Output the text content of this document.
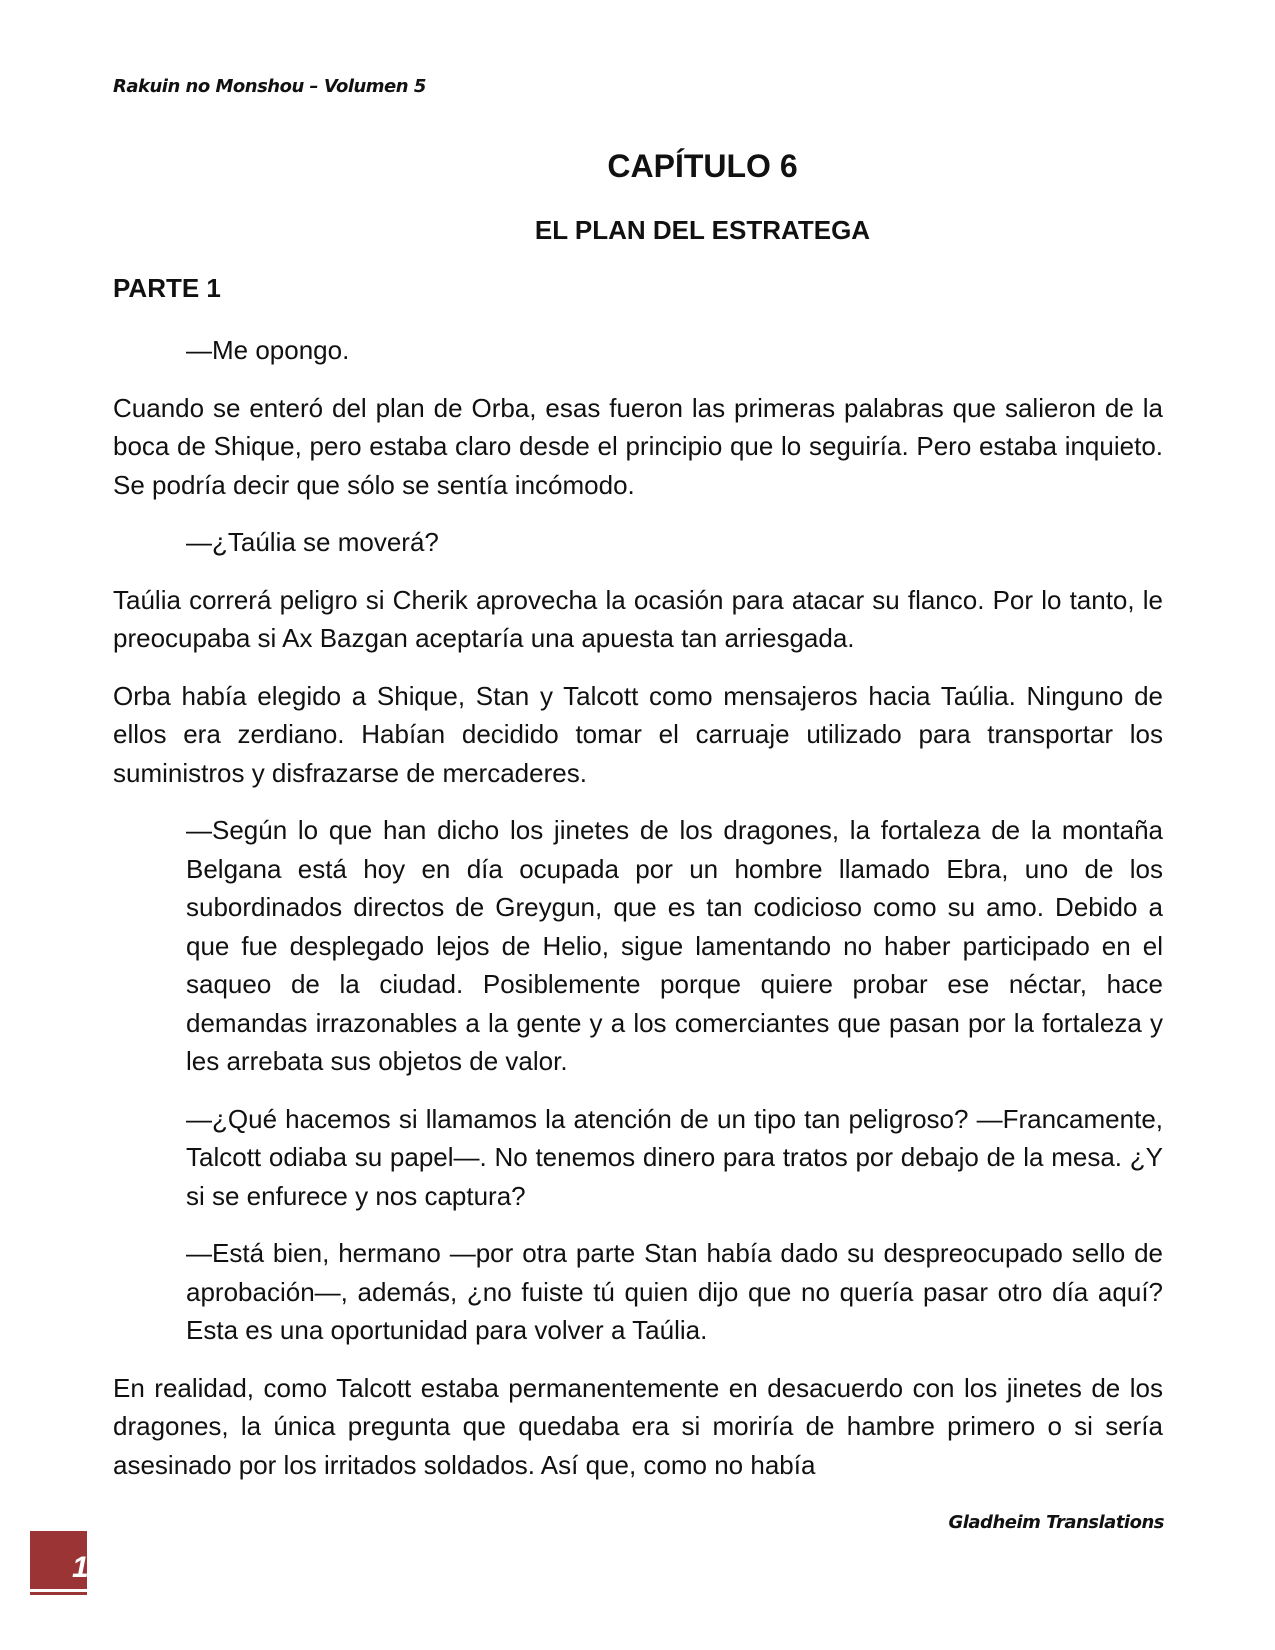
Rakuin no Monshou – Volumen 5
CAPÍTULO 6
EL PLAN DEL ESTRATEGA
PARTE 1

—Me opongo.

Cuando se enteró del plan de Orba, esas fueron las primeras palabras que salieron de la boca de Shique, pero estaba claro desde el principio que lo seguiría. Pero estaba inquieto. Se podría decir que sólo se sentía incómodo.

—¿Taúlia se moverá?

Taúlia correrá peligro si Cherik aprovecha la ocasión para atacar su flanco. Por lo tanto, le preocupaba si Ax Bazgan aceptaría una apuesta tan arriesgada.

Orba había elegido a Shique, Stan y Talcott como mensajeros hacia Taúlia. Ninguno de ellos era zerdiano. Habían decidido tomar el carruaje utilizado para transportar los suministros y disfrazarse de mercaderes.

—Según lo que han dicho los jinetes de los dragones, la fortaleza de la montaña Belgana está hoy en día ocupada por un hombre llamado Ebra, uno de los subordinados directos de Greygun, que es tan codicioso como su amo. Debido a que fue desplegado lejos de Helio, sigue lamentando no haber participado en el saqueo de la ciudad. Posiblemente porque quiere probar ese néctar, hace demandas irrazonables a la gente y a los comerciantes que pasan por la fortaleza y les arrebata sus objetos de valor.

—¿Qué hacemos si llamamos la atención de un tipo tan peligroso? —Francamente, Talcott odiaba su papel—. No tenemos dinero para tratos por debajo de la mesa. ¿Y si se enfurece y nos captura?

—Está bien, hermano —por otra parte Stan había dado su despreocupado sello de aprobación—, además, ¿no fuiste tú quien dijo que no quería pasar otro día aquí? Esta es una oportunidad para volver a Taúlia.

En realidad, como Talcott estaba permanentemente en desacuerdo con los jinetes de los dragones, la única pregunta que quedaba era si moriría de hambre primero o si sería asesinado por los irritados soldados. Así que, como no había

Gladheim Translations
1
